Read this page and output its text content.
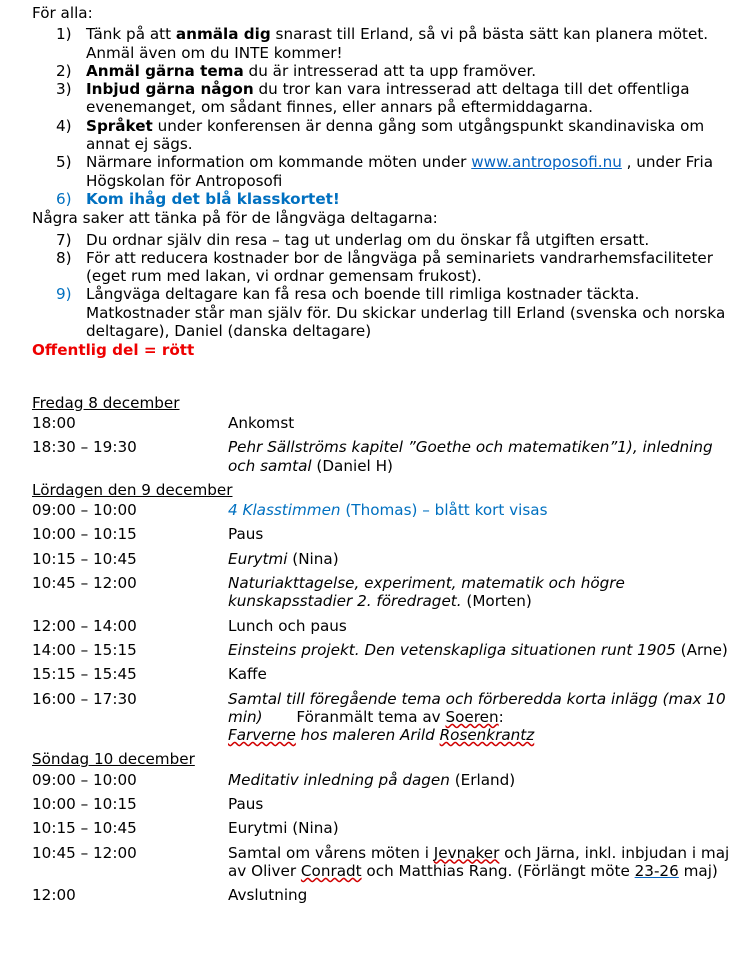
För alla:
1) Tänk på att anmäla dig snarast till Erland, så vi på bästa sätt kan planera mötet. Anmäl även om du INTE kommer!
2) Anmäl gärna tema du är intresserad att ta upp framöver.
3) Inbjud gärna någon du tror kan vara intresserad att deltaga till det offentliga evenemanget, om sådant finnes, eller annars på eftermiddagarna.
4) Språket under konferensen är denna gång som utgångspunkt skandinaviska om annat ej sägs.
5) Närmare information om kommande möten under www.antroposofi.nu , under Fria Högskolan för Antroposofi
6) Kom ihåg det blå klasskortet!
Några saker att tänka på för de långväga deltagarna:
7) Du ordnar själv din resa – tag ut underlag om du önskar få utgiften ersatt.
8) För att reducera kostnader bor de långväga på seminariets vandrarhemsfaciliteter (eget rum med lakan, vi ordnar gemensam frukost).
9) Långväga deltagare kan få resa och boende till rimliga kostnader täckta. Matkostnader står man själv för. Du skickar underlag till Erland (svenska och norska deltagare), Daniel (danska deltagare)
Offentlig del = rött
Fredag 8 december
18:00	Ankomst
18:30 – 19:30	Pehr Sällströms kapitel ”Goethe och matematiken”1), inledning och samtal (Daniel H)
Lördagen den 9 december
09:00 – 10:00	4 Klasstimmen (Thomas) – blått kort visas
10:00 – 10:15	Paus
10:15 – 10:45	Eurytmi (Nina)
10:45 – 12:00	Naturiakttagelse, experiment, matematik och högre kunskapsstadier 2. föredraget. (Morten)
12:00 – 14:00	Lunch och paus
14:00 – 15:15	Einsteins projekt. Den vetenskapliga situationen runt 1905 (Arne)
15:15 – 15:45	Kaffe
16:00 – 17:30	Samtal till föregående tema och förberedda korta inlägg (max 10 min)       Föranmält tema av Soeren:
Farverne hos maleren Arild Rosenkrantz
Söndag 10 december
09:00 – 10:00	Meditativ inledning på dagen (Erland)
10:00 – 10:15	Paus
10:15 – 10:45	Eurytmi (Nina)
10:45 – 12:00	Samtal om vårens möten i Jevnaker och Järna, inkl. inbjudan i maj av Oliver Conradt och Matthias Rang. (Förlängt möte 23-26 maj)
12:00	Avslutning
